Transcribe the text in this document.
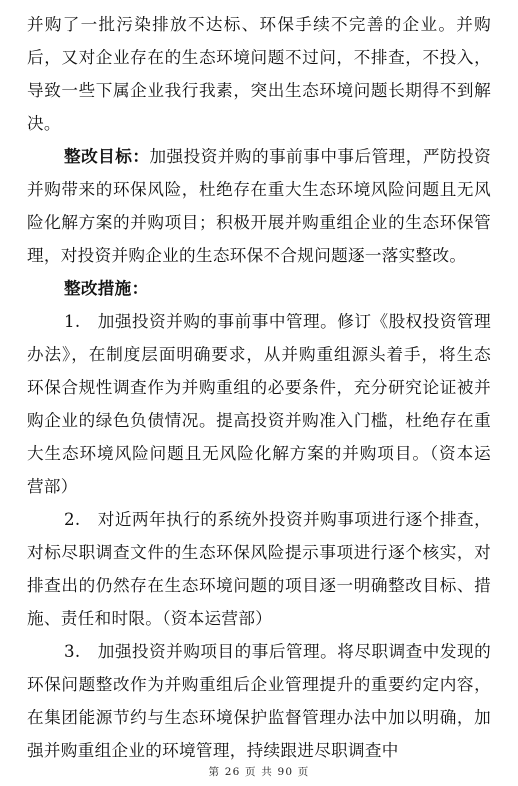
并购了一批污染排放不达标、环保手续不完善的企业。并购后，又对企业存在的生态环境问题不过问，不排查，不投入，导致一些下属企业我行我素，突出生态环境问题长期得不到解决。

整改目标：加强投资并购的事前事中事后管理，严防投资并购带来的环保风险，杜绝存在重大生态环境风险问题且无风险化解方案的并购项目；积极开展并购重组企业的生态环保管理，对投资并购企业的生态环保不合规问题逐一落实整改。

整改措施：

1. 加强投资并购的事前事中管理。修订《股权投资管理办法》，在制度层面明确要求，从并购重组源头着手，将生态环保合规性调查作为并购重组的必要条件，充分研究论证被并购企业的绿色负债情况。提高投资并购准入门槛，杜绝存在重大生态环境风险问题且无风险化解方案的并购项目。（资本运营部）

2. 对近两年执行的系统外投资并购事项进行逐个排查，对标尽职调查文件的生态环保风险提示事项进行逐个核实，对排查出的仍然存在生态环境问题的项目逐一明确整改目标、措施、责任和时限。（资本运营部）

3. 加强投资并购项目的事后管理。将尽职调查中发现的环保问题整改作为并购重组后企业管理提升的重要约定内容，在集团能源节约与生态环境保护监督管理办法中加以明确，加强并购重组企业的环境管理，持续跟进尽职调查中

第 26 页 共 90 页
